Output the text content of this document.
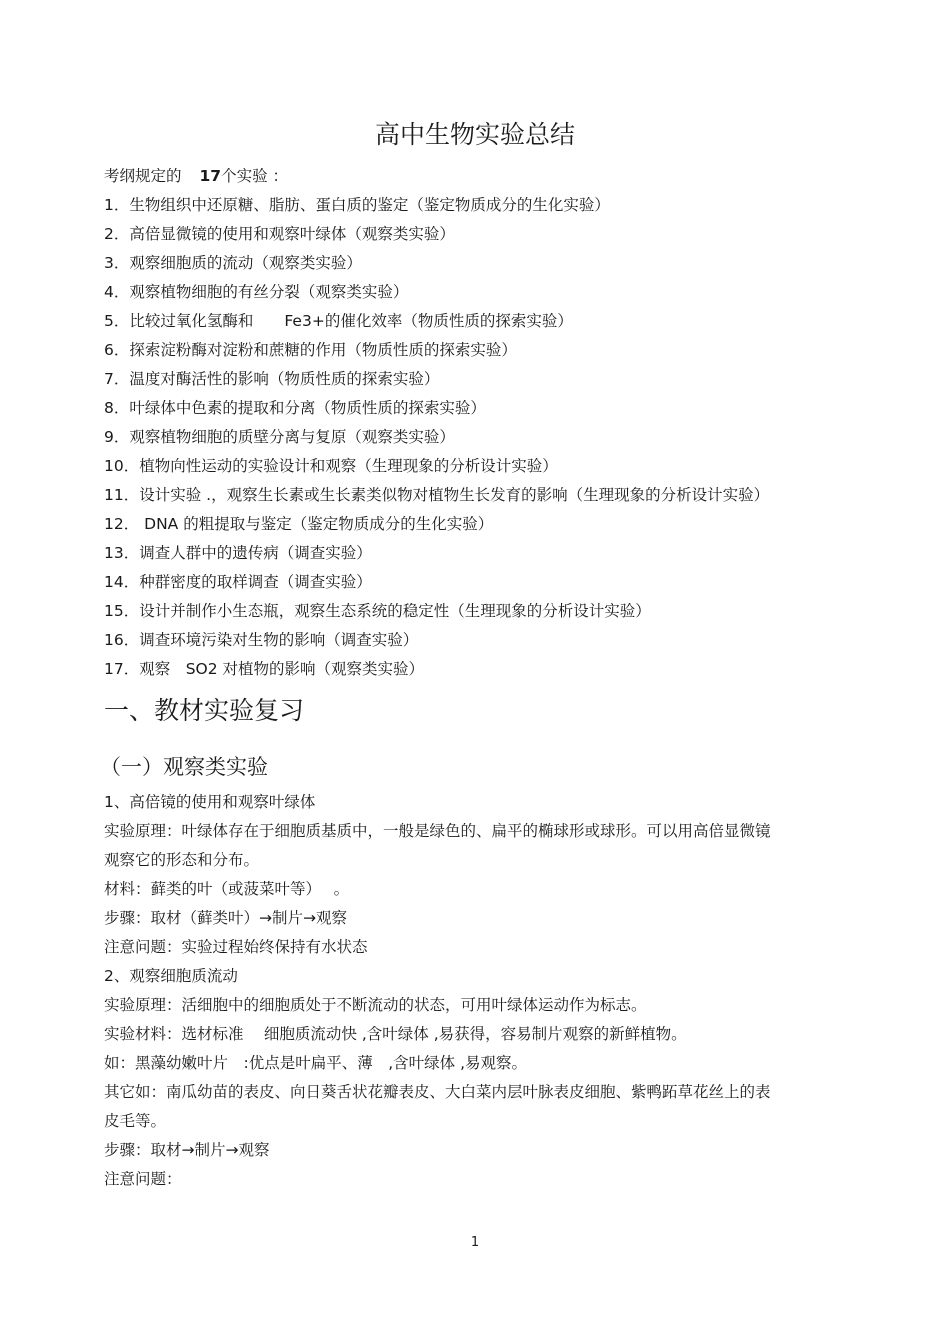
高中生物实验总结
考纲规定的 17个实验 ：
1．生物组织中还原糖、脂肪、蛋白质的鉴定（鉴定物质成分的生化实验）
2．高倍显微镜的使用和观察叶绿体（观察类实验）
3．观察细胞质的流动（观察类实验）
4．观察植物细胞的有丝分裂（观察类实验）
5．比较过氧化氢酶和　　Fe3+的催化效率（物质性质的探索实验）
6．探索淀粉酶对淀粉和蔗糖的作用（物质性质的探索实验）
7．温度对酶活性的影响（物质性质的探索实验）
8．叶绿体中色素的提取和分离（物质性质的探索实验）
9．观察植物细胞的质壁分离与复原（观察类实验）
10．植物向性运动的实验设计和观察（生理现象的分析设计实验）
11．设计实验 .，观察生长素或生长素类似物对植物生长发育的影响（生理现象的分析设计实验）
12． DNA 的粗提取与鉴定（鉴定物质成分的生化实验）
13．调查人群中的遗传病（调查实验）
14．种群密度的取样调查（调查实验）
15．设计并制作小生态瓶，观察生态系统的稳定性（生理现象的分析设计实验）
16．调查环境污染对生物的影响（调查实验）
17．观察　SO2 对植物的影响（观察类实验）
一、教材实验复习
（一）观察类实验
1、高倍镜的使用和观察叶绿体
实验原理：叶绿体存在于细胞质基质中，一般是绿色的、扁平的椭球形或球形。可以用高倍显微镜观察它的形态和分布。
材料：藓类的叶（或菠菜叶等）　 。
步骤：取材（藓类叶）→制片→观察
注意问题：实验过程始终保持有水状态
2、观察细胞质流动
实验原理：活细胞中的细胞质处于不断流动的状态，可用叶绿体运动作为标志。
实验材料：选材标准　 细胞质流动快 ,含叶绿体 ,易获得，容易制片观察的新鲜植物。
如：黑藻幼嫩叶片　:优点是叶扁平、薄　,含叶绿体 ,易观察。
其它如：南瓜幼苗的表皮、向日葵舌状花瓣表皮、大白菜内层叶脉表皮细胞、紫鸭跖草花丝上的表皮毛等。
步骤：取材→制片→观察
注意问题：
1
